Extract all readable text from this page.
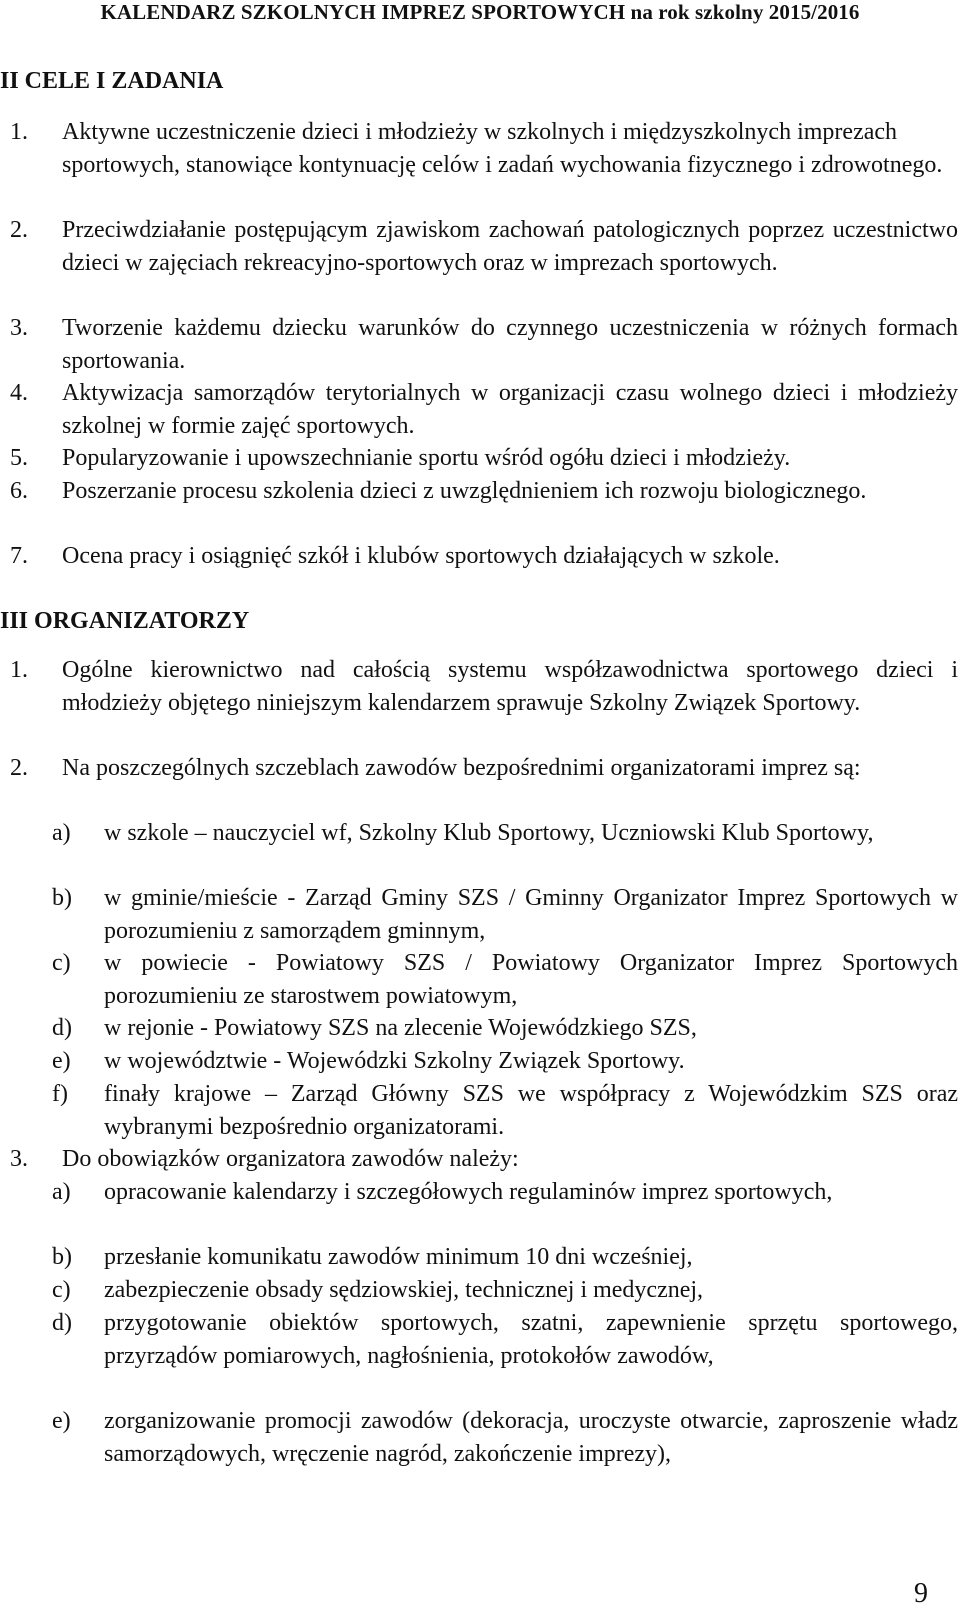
KALENDARZ SZKOLNYCH IMPREZ SPORTOWYCH na rok szkolny 2015/2016
II CELE I ZADANIA
1. Aktywne uczestniczenie dzieci i młodzieży w szkolnych i międzyszkolnych imprezach sportowych, stanowiące kontynuację celów i zadań wychowania fizycznego i zdrowotnego.
2. Przeciwdziałanie postępującym zjawiskom zachowań patologicznych poprzez uczestnictwo dzieci w zajęciach rekreacyjno-sportowych oraz w imprezach sportowych.
3. Tworzenie każdemu dziecku warunków do czynnego uczestniczenia w różnych formach sportowania.
4. Aktywizacja samorządów terytorialnych w organizacji czasu wolnego dzieci i młodzieży szkolnej w formie zajęć sportowych.
5. Popularyzowanie i upowszechnianie sportu wśród ogółu dzieci i młodzieży.
6. Poszerzanie procesu szkolenia dzieci z uwzględnieniem ich rozwoju biologicznego.
7. Ocena pracy i osiągnięć szkół i klubów sportowych działających w szkole.
III ORGANIZATORZY
1. Ogólne kierownictwo nad całością systemu współzawodnictwa sportowego dzieci i młodzieży objętego niniejszym kalendarzem sprawuje Szkolny Związek Sportowy.
2. Na poszczególnych szczeblach zawodów bezpośrednimi organizatorami imprez są:
a) w szkole – nauczyciel wf, Szkolny Klub Sportowy, Uczniowski Klub Sportowy,
b) w gminie/mieście - Zarząd Gminy SZS / Gminny Organizator Imprez Sportowych w porozumieniu z samorządem gminnym,
c) w powiecie - Powiatowy SZS / Powiatowy Organizator Imprez Sportowych porozumieniu ze starostwem powiatowym,
d) w rejonie - Powiatowy SZS na zlecenie Wojewódzkiego SZS,
e) w województwie - Wojewódzki Szkolny Związek Sportowy.
f) finały krajowe – Zarząd Główny SZS we współpracy z Wojewódzkim SZS oraz wybranymi bezpośrednio organizatorami.
3. Do obowiązków organizatora zawodów należy:
a) opracowanie kalendarzy i szczegółowych regulaminów imprez sportowych,
b) przesłanie komunikatu zawodów minimum 10 dni wcześniej,
c) zabezpieczenie obsady sędziowskiej, technicznej i medycznej,
d) przygotowanie obiektów sportowych, szatni, zapewnienie sprzętu sportowego, przyrządów pomiarowych, nagłośnienia, protokołów zawodów,
e) zorganizowanie promocji zawodów (dekoracja, uroczyste otwarcie, zaproszenie władz samorządowych, wręczenie nagród, zakończenie imprezy),
9
